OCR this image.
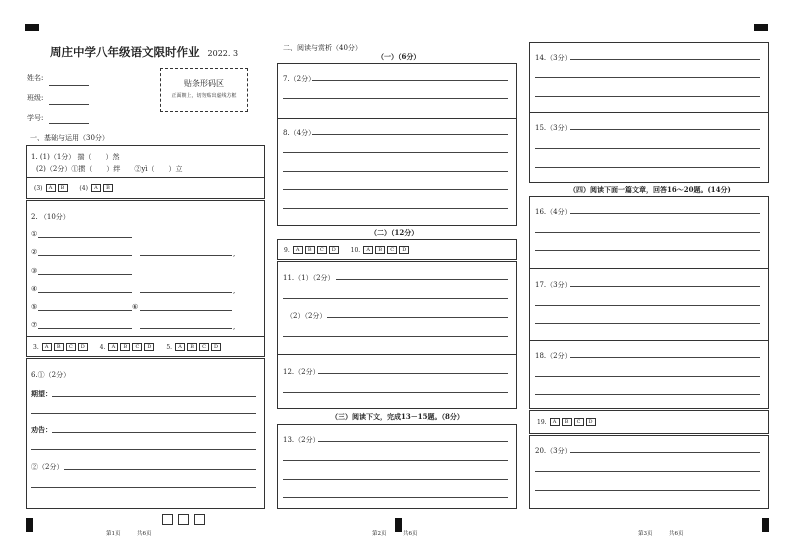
周庄中学八年级语文限时作业 2022. 3
姓名:
班级:
学号:
贴条形码区
正面朝上，切勿贴出虚线方框
一、基础与运用（30分）
1. (1)（1分） 揣（　　）然
(2)（2分）①掼（　　）绊　　②yì（　　）立
(3) A B	(4) A B
2. （10分）
①
②	,
③
④	,
⑤	⑥
⑦	,
3. A B C D 4. A B C D 5. A B C D
6.①（2分）
期望：
劝告：
②（2分）
第1页　　　共6页
二、阅读与赏析（40分）
（一）（6分）
7.（2分）
8.（4分）
（二）（12分）
9. A B C D 10. A B C D
11.（1）（2分）
（2）（2分）
12.（2分）
（三）阅读下文，完成13－15题。（8分）
13.（2分）
第2页　　　共6页
14.（3分）
15.（3分）
（四）阅读下面一篇文章，回答16～20题。(14分)
16.（4分）
17.（3分）
18.（2分）
19. A B C D
20.（3分）
第3页　　　共6页
